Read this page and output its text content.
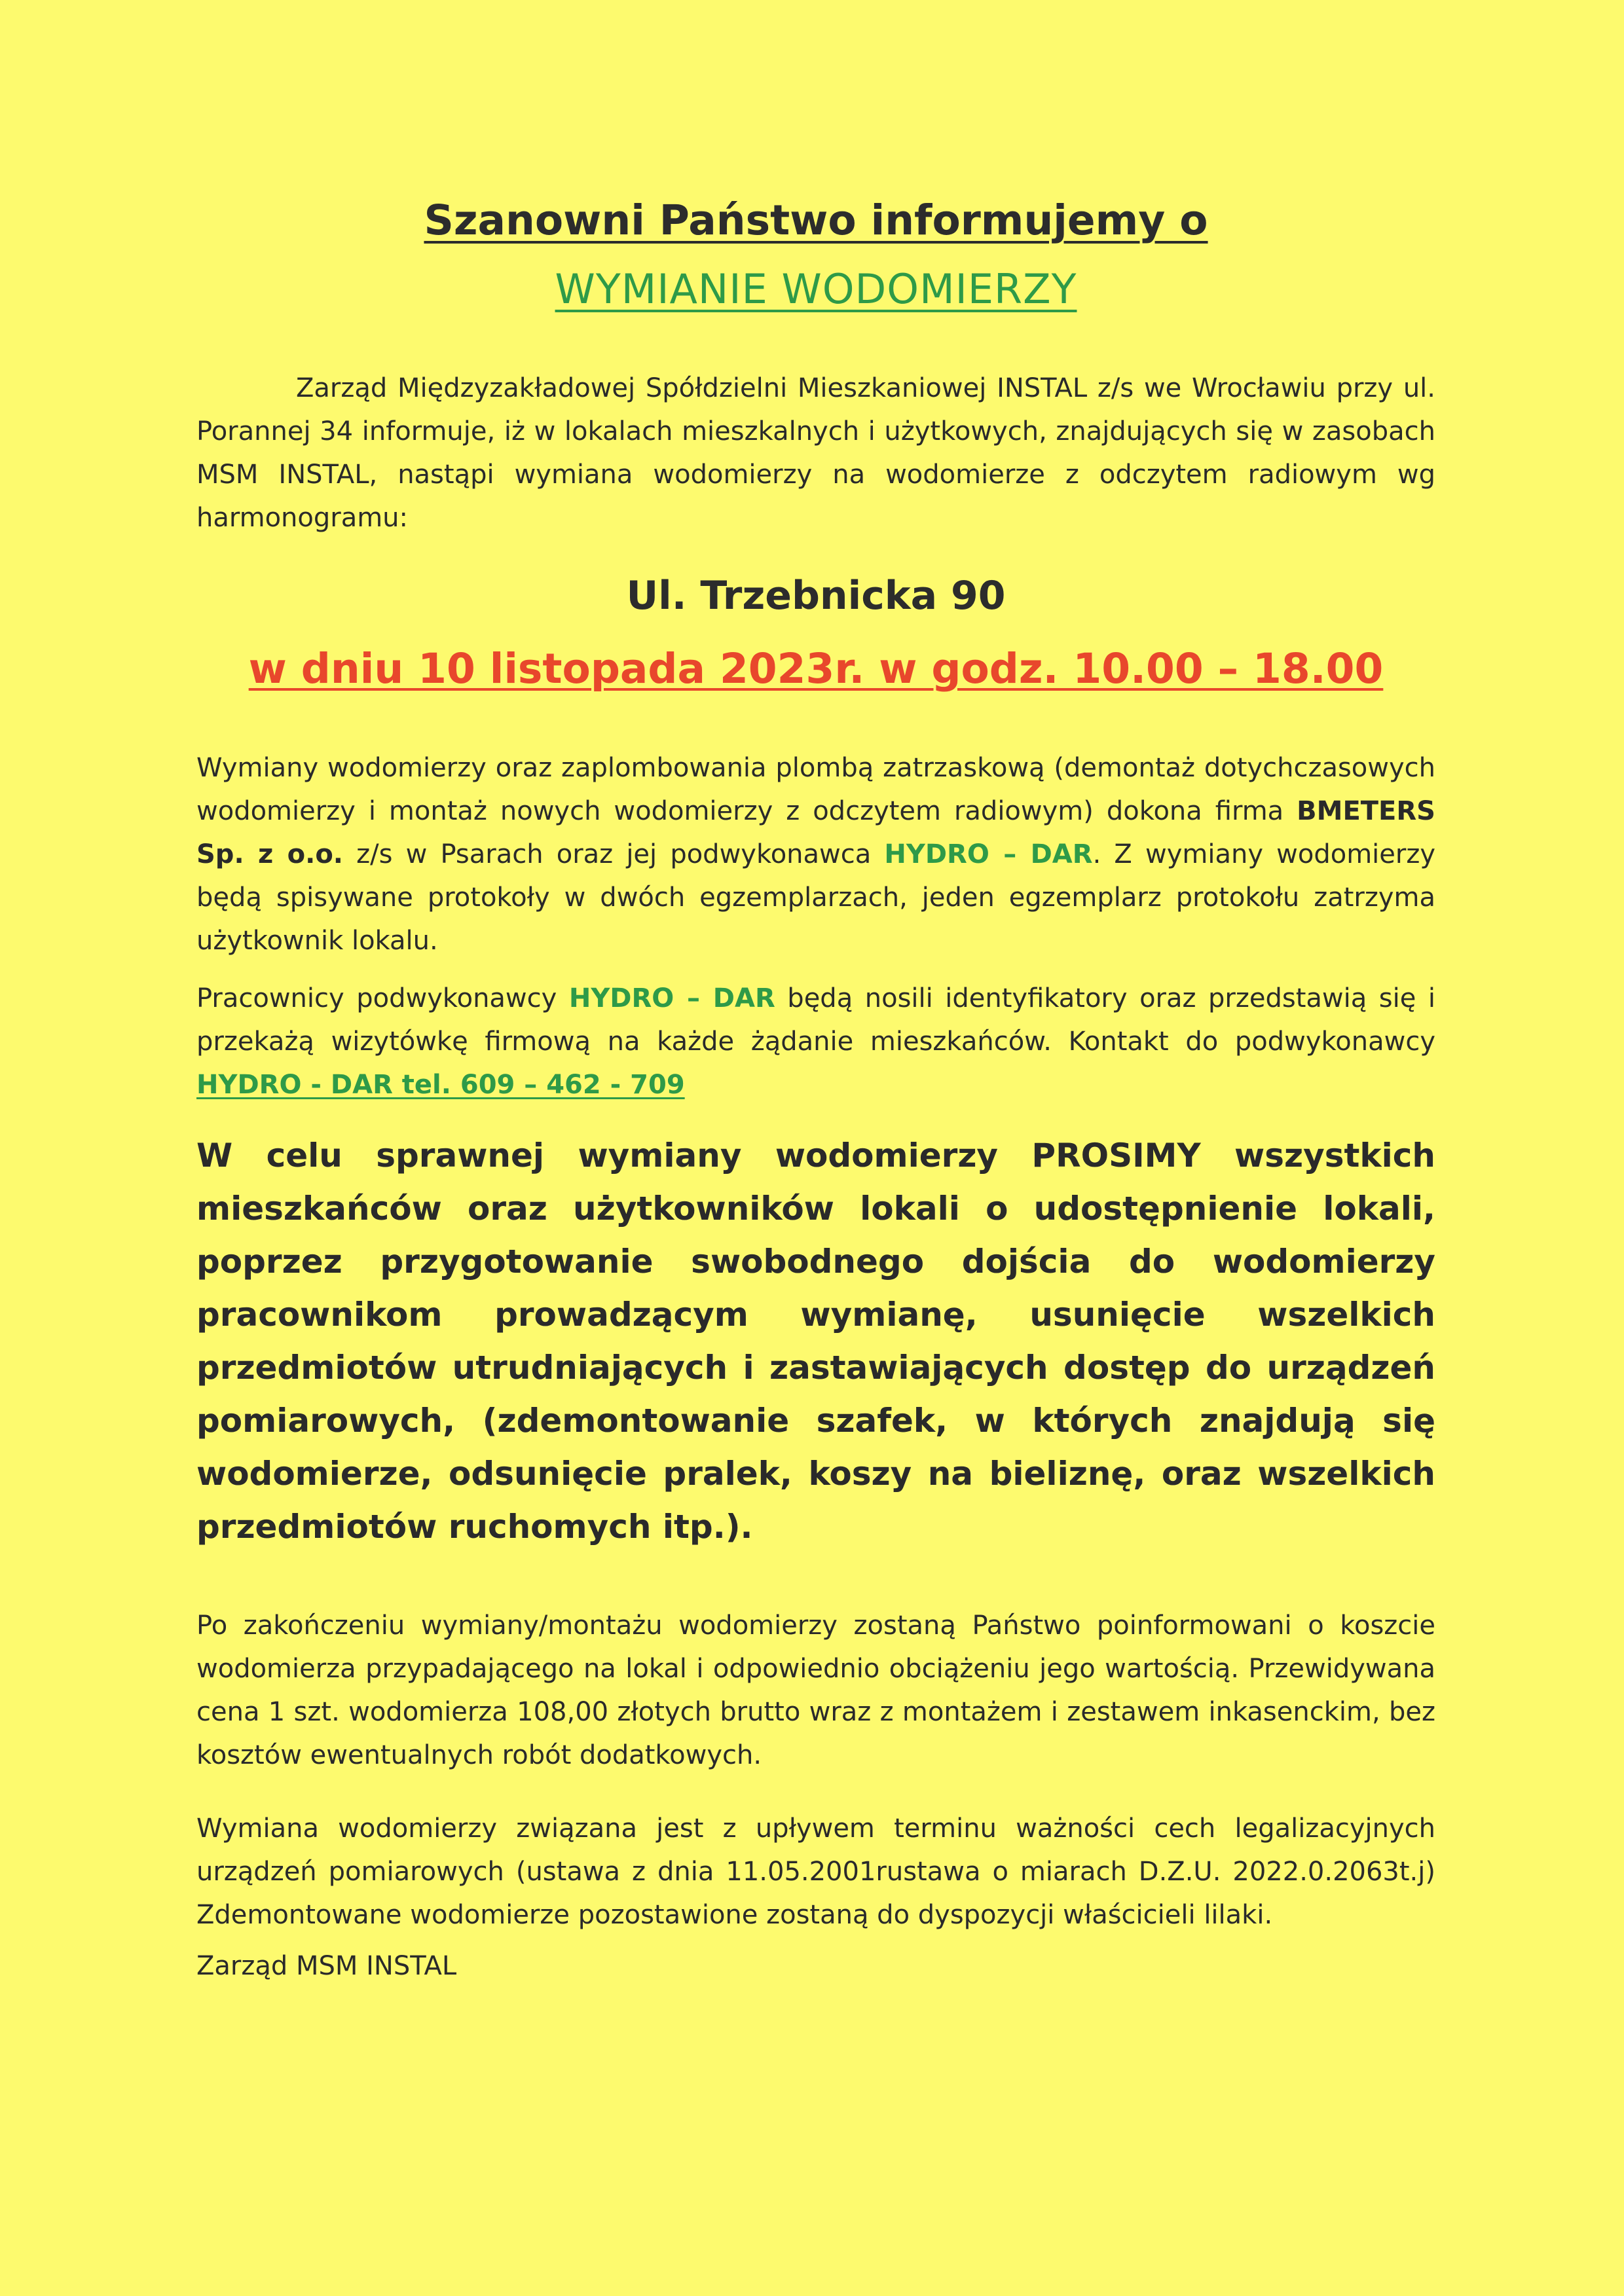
Szanowni Państwo informujemy o
WYMIANIE WODOMIERZY

Zarząd Międzyzakładowej Spółdzielni Mieszkaniowej INSTAL z/s we Wrocławiu przy ul. Porannej 34 informuje, iż w lokalach mieszkalnych i użytkowych, znajdujących się w zasobach MSM INSTAL, nastąpi wymiana wodomierzy na wodomierze z odczytem radiowym wg harmonogramu:

Ul. Trzebnicka 90
w dniu 10 listopada 2023r. w godz. 10.00 – 18.00

Wymiany wodomierzy oraz zaplombowania plombą zatrzaskową (demontaż dotychczasowych wodomierzy i montaż nowych wodomierzy z odczytem radiowym) dokona firma BMETERS Sp. z o.o. z/s w Psarach oraz jej podwykonawca HYDRO – DAR. Z wymiany wodomierzy będą spisywane protokoły w dwóch egzemplarzach, jeden egzemplarz protokołu zatrzyma użytkownik lokalu.

Pracownicy podwykonawcy HYDRO – DAR będą nosili identyfikatory oraz przedstawią się i przekażą wizytówkę firmową na każde żądanie mieszkańców. Kontakt do podwykonawcy HYDRO - DAR tel. 609 – 462 - 709

W celu sprawnej wymiany wodomierzy PROSIMY wszystkich mieszkańców oraz użytkowników lokali o udostępnienie lokali, poprzez przygotowanie swobodnego dojścia do wodomierzy pracownikom prowadzącym wymianę, usunięcie wszelkich przedmiotów utrudniających i zastawiających dostęp do urządzeń pomiarowych, (zdemontowanie szafek, w których znajdują się wodomierze, odsunięcie pralek, koszy na bieliznę, oraz wszelkich przedmiotów ruchomych itp.).

Po zakończeniu wymiany/montażu wodomierzy zostaną Państwo poinformowani o koszcie wodomierza przypadającego na lokal i odpowiednio obciążeniu jego wartością. Przewidywana cena 1 szt. wodomierza 108,00 złotych brutto wraz z montażem i zestawem inkasenckim, bez kosztów ewentualnych robót dodatkowych.

Wymiana wodomierzy związana jest z upływem terminu ważności cech legalizacyjnych urządzeń pomiarowych (ustawa z dnia 11.05.2001rustawa o miarach D.Z.U. 2022.0.2063t.j) Zdemontowane wodomierze pozostawione zostaną do dyspozycji właścicieli lilaki.

Zarząd MSM INSTAL
